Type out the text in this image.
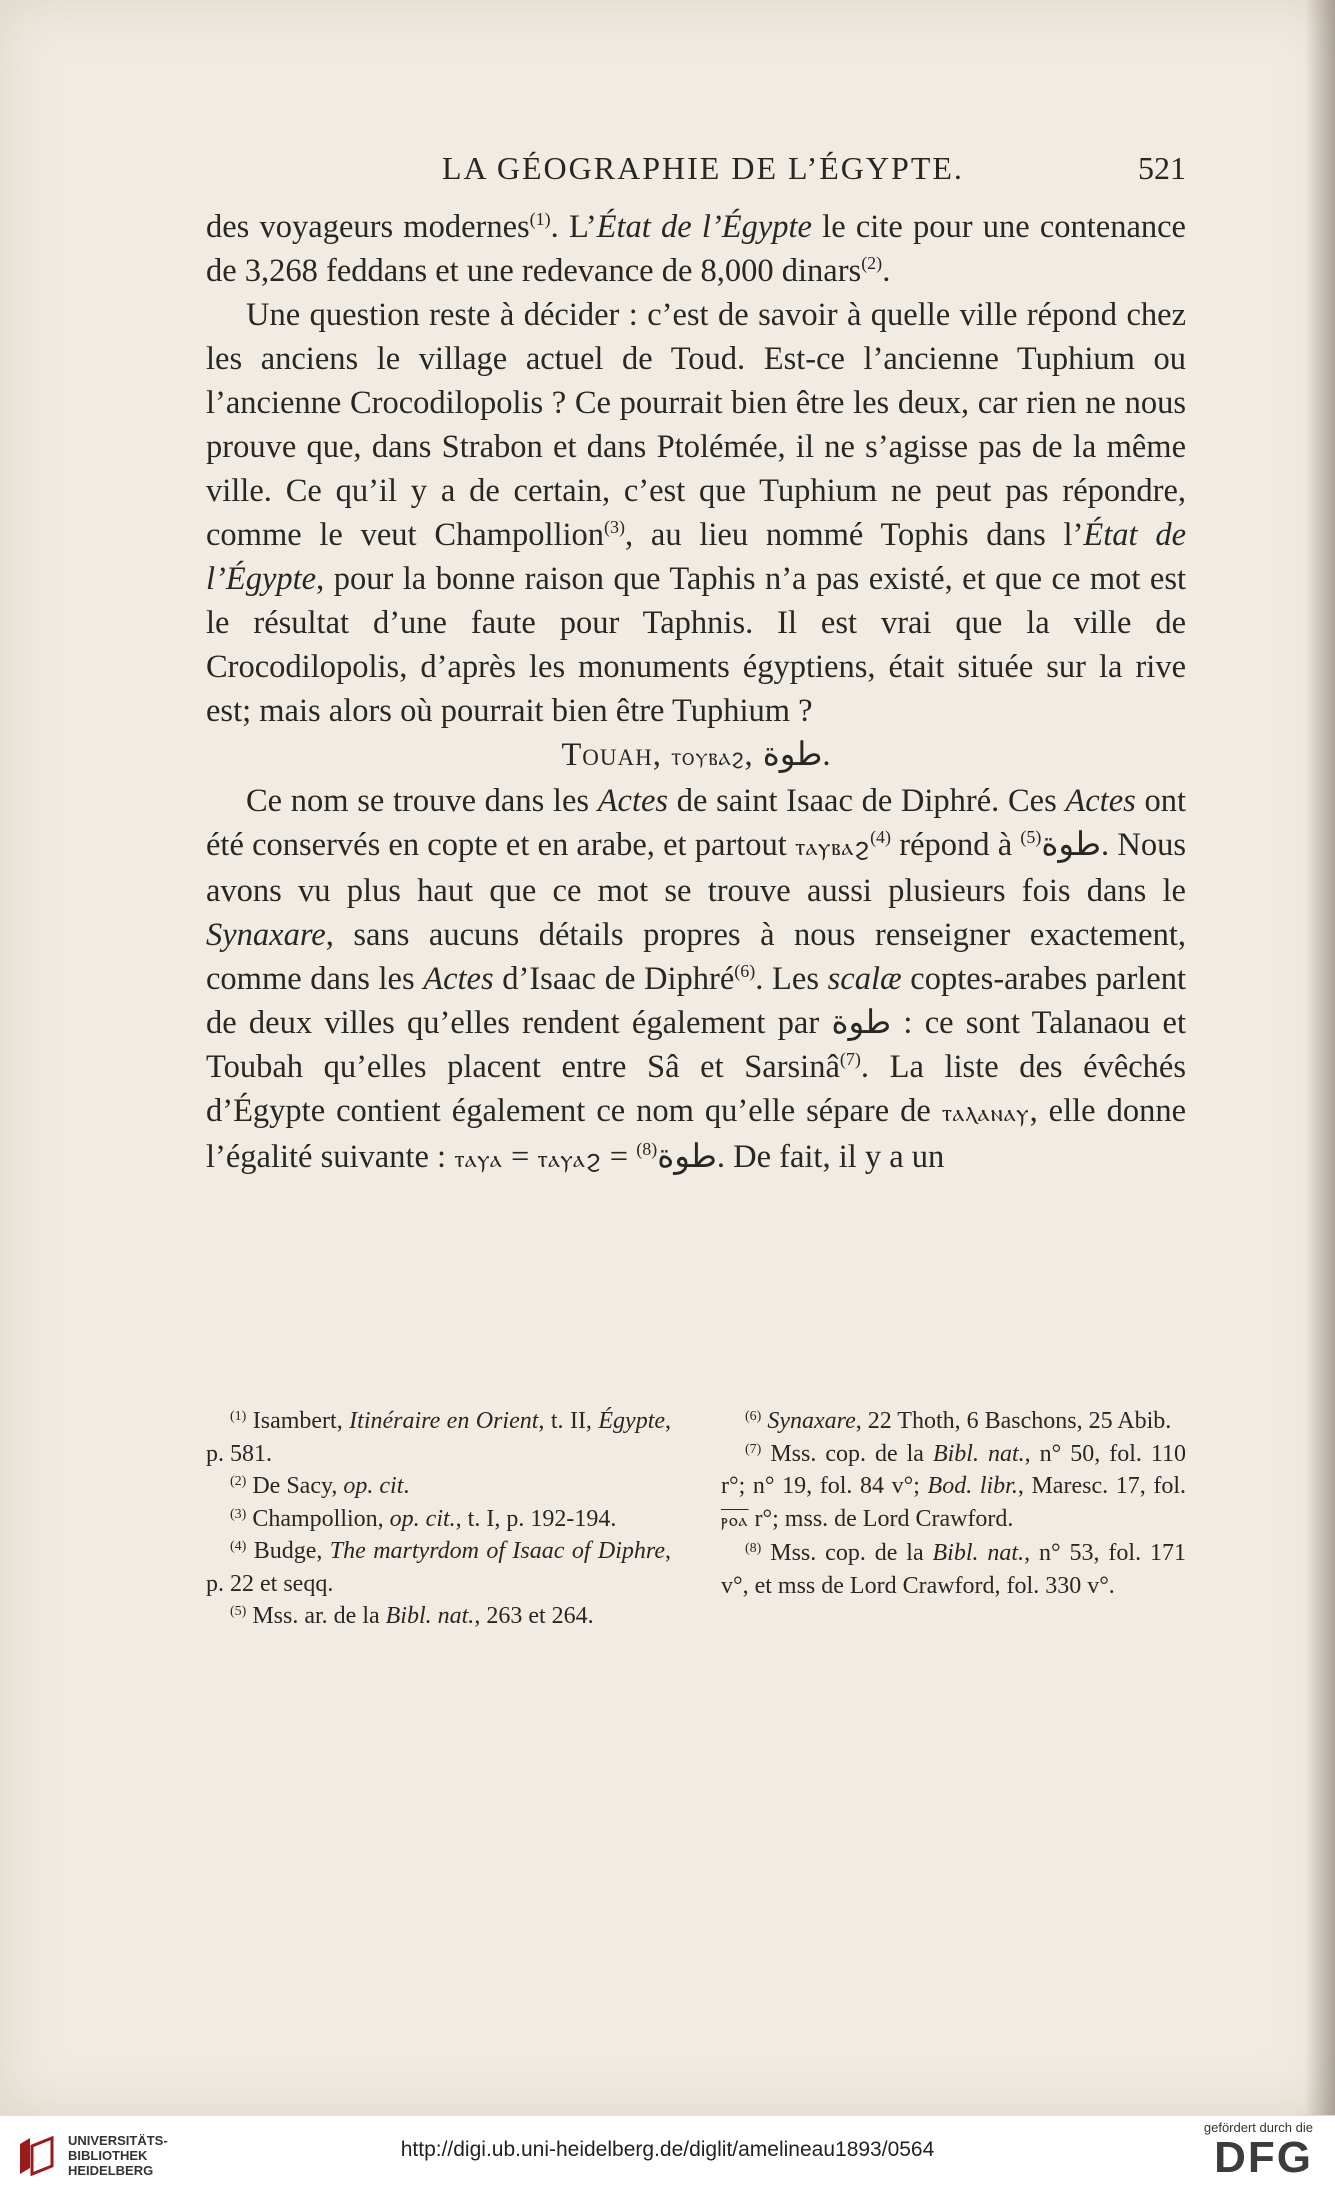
LA GÉOGRAPHIE DE L’ÉGYPTE.	521

des voyageurs modernes$^{(1)}$. L’État de l’Égypte le cite pour une contenance de 3,268 feddans et une redevance de 8,000 dinars$^{(2)}$.

Une question reste à décider : c’est de savoir à quelle ville répond chez les anciens le village actuel de Toud. Est-ce l’ancienne Tuphium ou l’ancienne Crocodilopolis ? Ce pourrait bien être les deux, car rien ne nous prouve que, dans Strabon et dans Ptolémée, il ne s’agisse pas de la même ville. Ce qu’il y a de certain, c’est que Tuphium ne peut pas répondre, comme le veut Champollion$^{(3)}$, au lieu nommé Tophis dans l’État de l’Égypte, pour la bonne raison que Taphis n’a pas existé, et que ce mot est le résultat d’une faute pour Taphnis. Il est vrai que la ville de Crocodilopolis, d’après les monuments égyptiens, était située sur la rive est; mais alors où pourrait bien être Tuphium ?

Touah, ⲧⲟⲩⲃⲁϩ, طوة.

Ce nom se trouve dans les Actes de saint Isaac de Diphré. Ces Actes ont été conservés en copte et en arabe, et partout ⲧⲁⲩⲃⲁϩ$^{(4)}$ répond à طوة$^{(5)}$ . Nous avons vu plus haut que ce mot se trouve aussi plusieurs fois dans le Synaxare, sans aucuns détails propres à nous renseigner exactement, comme dans les Actes d’Isaac de Diphré$^{(6)}$. Les scalæ coptes-arabes parlent de deux villes qu’elles rendent également par طوة : ce sont Talanaou et Toubah qu’elles placent entre Sâ et Sarsinâ$^{(7)}$. La liste des évêchés d’Égypte contient également ce nom qu’elle sépare de ⲧⲁⲗⲁⲛⲁⲩ, elle donne l’égalité suivante : ⲧⲁⲩⲁ = ⲧⲁⲩⲁϩ = طوة$^{(8)}$ . De fait, il y a un

$^{(1)}$ Isambert, Itinéraire en Orient, t. II, Égypte, p. 581.

$^{(2)}$ De Sacy, op. cit.

$^{(3)}$ Champollion, op. cit., t. I, p. 192-194.

$^{(4)}$ Budge, The martyrdom of Isaac of Diphre, p. 22 et seqq.

$^{(5)}$ Mss. ar. de la Bibl. nat., 263 et 264.

$^{(6)}$ Synaxare, 22 Thoth, 6 Baschons, 25 Abib.

$^{(7)}$ Mss. cop. de la Bibl. nat., n° 50, fol. 110 r°; n° 19, fol. 84 v°; Bod. libr., Maresc. 17, fol. ⲣⲟⲁ r°; mss. de Lord Crawford.

$^{(8)}$ Mss. cop. de la Bibl. nat., n° 53, fol. 171 v°, et mss de Lord Crawford, fol. 330 v°.

UNIVERSITÄTS- BIBLIOTHEK HEIDELBERG
http://digi.ub.uni-heidelberg.de/diglit/amelineau1893/0564
gefördert durch die
DFG
